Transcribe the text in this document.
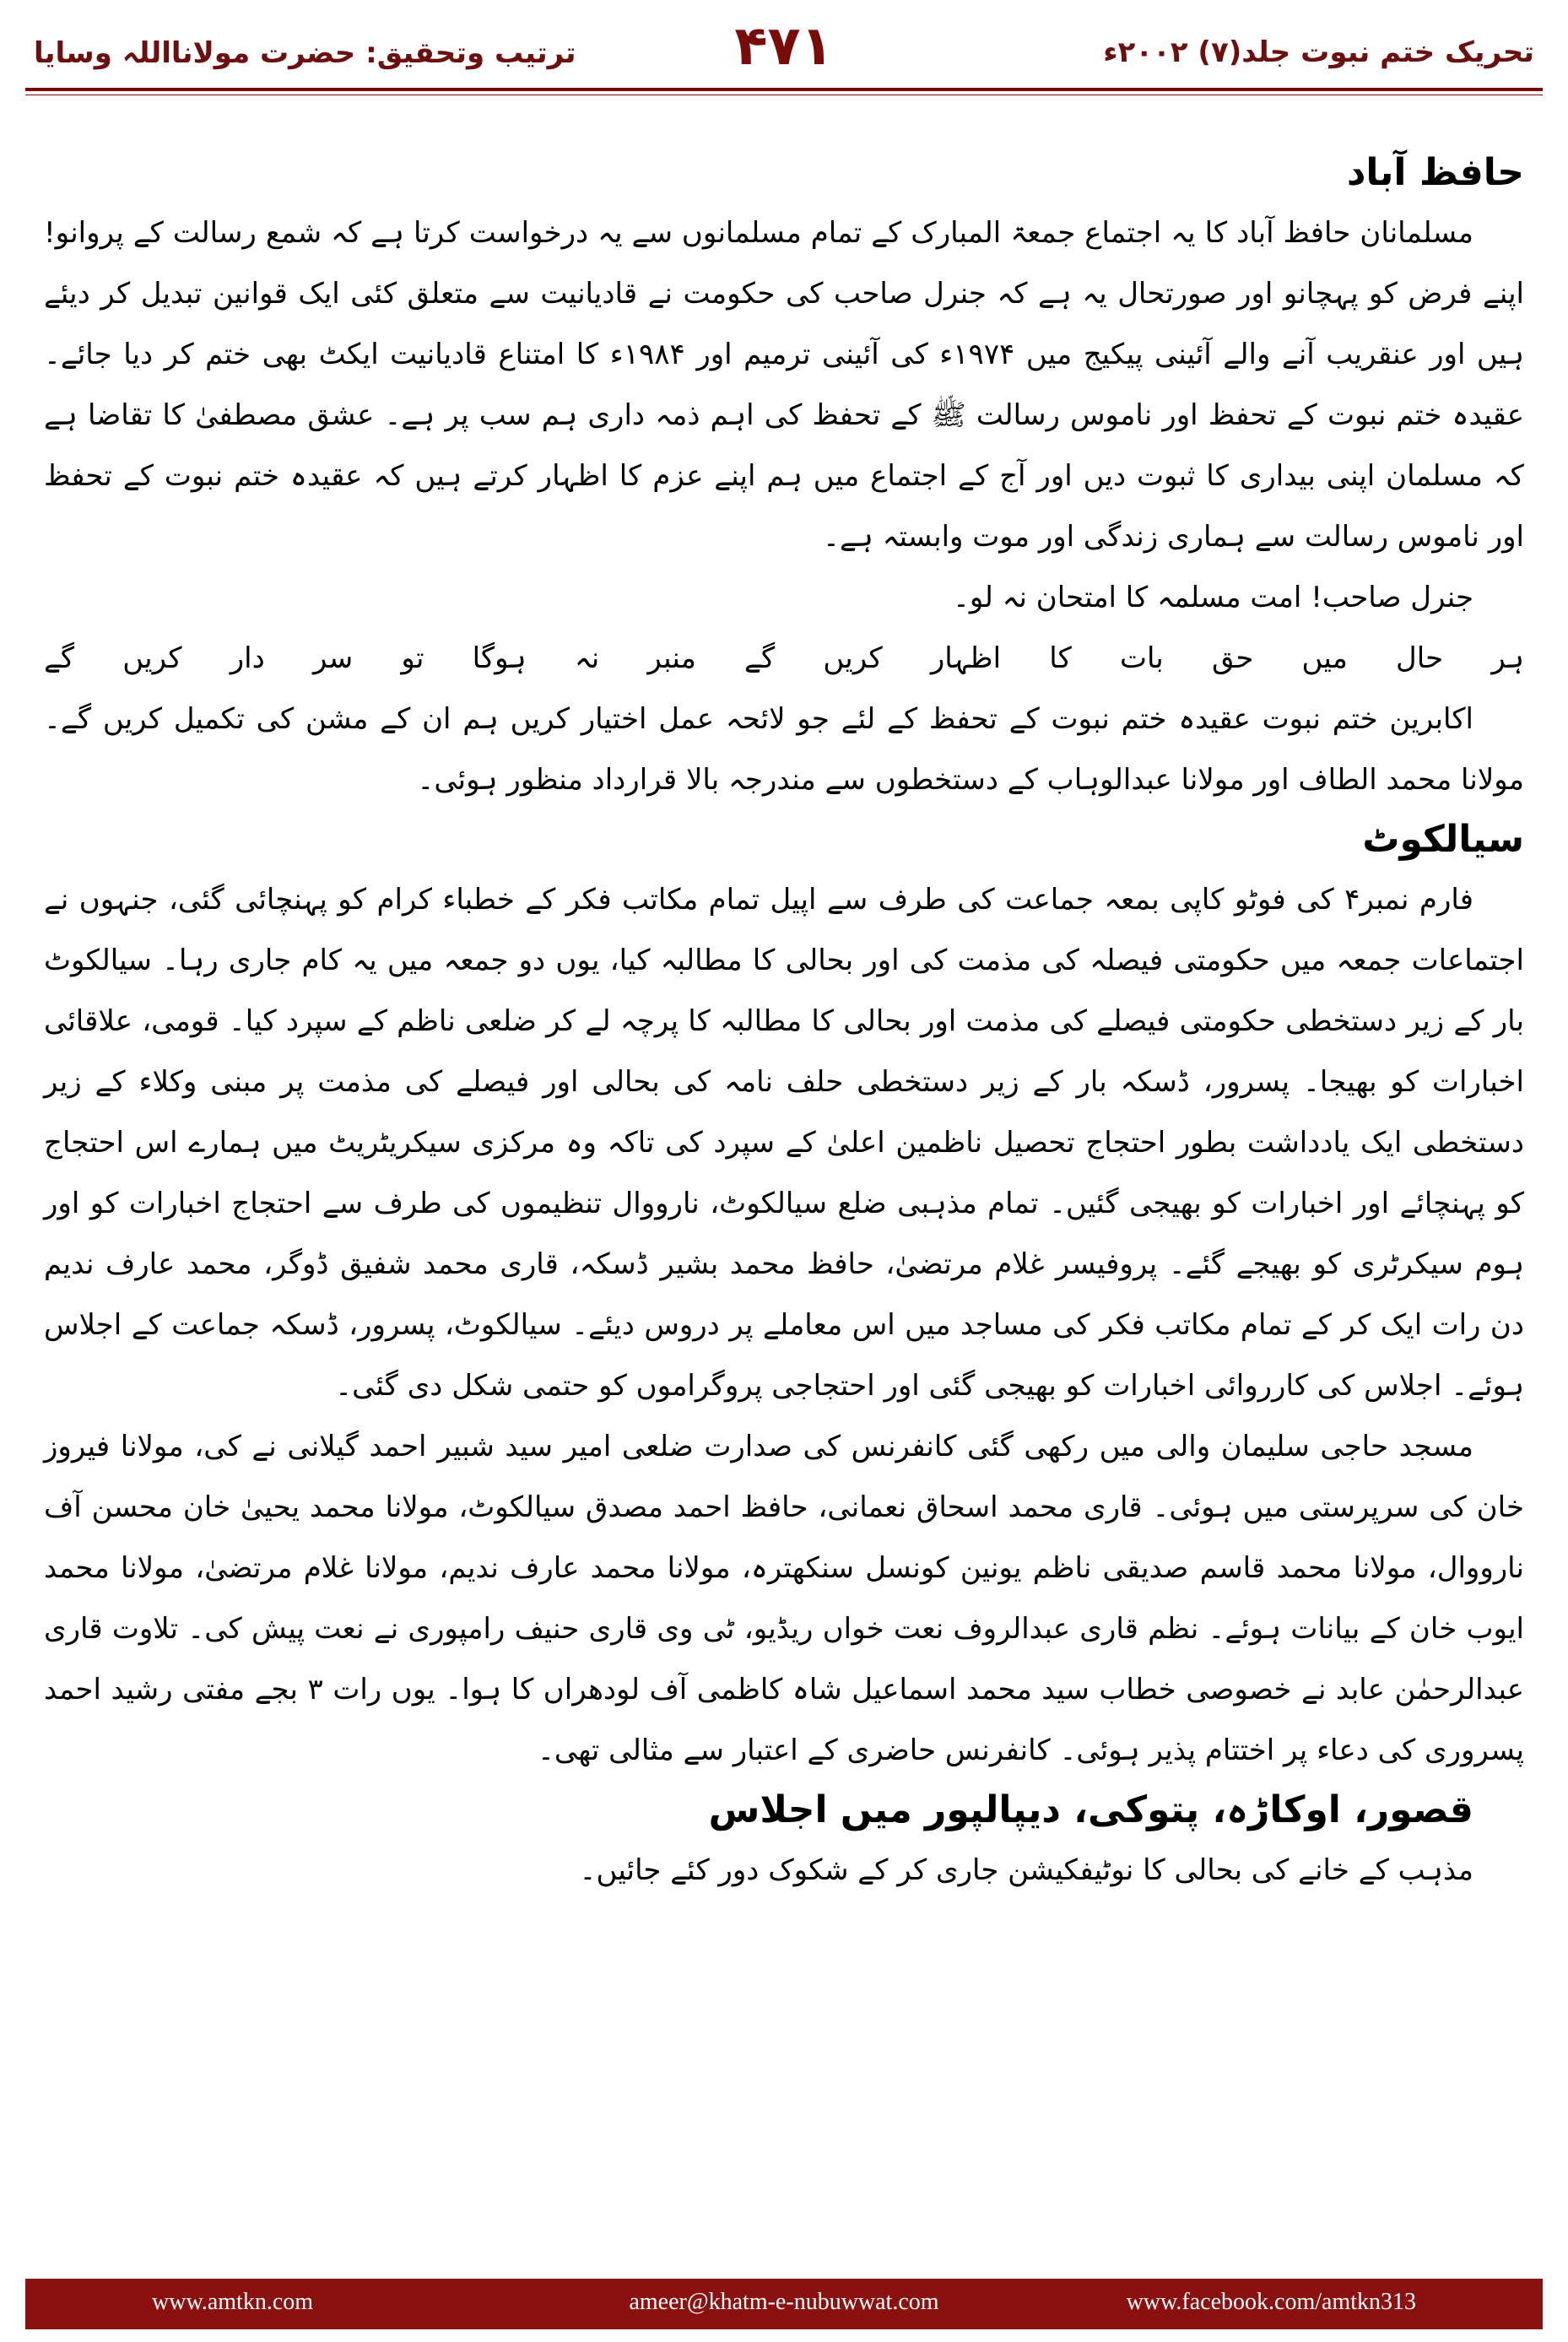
تحریک ختم نبوت جلد(۷) ۲۰۰۲ء
۴۷۱
ترتیب وتحقیق: حضرت مولانااللہ وسایا
حافظ آباد

مسلمانان حافظ آباد کا یہ اجتماع جمعۃ المبارک کے تمام مسلمانوں سے یہ درخواست کرتا ہے کہ شمع رسالت کے پروانو! اپنے فرض کو پہچانو اور صورتحال یہ ہے کہ جنرل صاحب کی حکومت نے قادیانیت سے متعلق کئی ایک قوانین تبدیل کر دیئے ہیں اور عنقریب آنے والے آئینی پیکیج میں ۱۹۷۴ء کی آئینی ترمیم اور ۱۹۸۴ء کا امتناع قادیانیت ایکٹ بھی ختم کر دیا جائے۔ عقیدہ ختم نبوت کے تحفظ اور ناموس رسالت ﷺ کے تحفظ کی اہم ذمہ داری ہم سب پر ہے۔ عشق مصطفیٰ کا تقاضا ہے کہ مسلمان اپنی بیداری کا ثبوت دیں اور آج کے اجتماع میں ہم اپنے عزم کا اظہار کرتے ہیں کہ عقیدہ ختم نبوت کے تحفظ اور ناموس رسالت سے ہماری زندگی اور موت وابستہ ہے۔

جنرل صاحب! امت مسلمہ کا امتحان نہ لو۔

ہر حال میں حق بات کا اظہار کریں گے منبر نہ ہوگا تو سر دار کریں گے

اکابرین ختم نبوت عقیدہ ختم نبوت کے تحفظ کے لئے جو لائحہ عمل اختیار کریں ہم ان کے مشن کی تکمیل کریں گے۔ مولانا محمد الطاف اور مولانا عبدالوہاب کے دستخطوں سے مندرجہ بالا قرارداد منظور ہوئی۔

سیالکوٹ

فارم نمبر۴ کی فوٹو کاپی بمعہ جماعت کی طرف سے اپیل تمام مکاتب فکر کے خطباء کرام کو پہنچائی گئی، جنہوں نے اجتماعات جمعہ میں حکومتی فیصلہ کی مذمت کی اور بحالی کا مطالبہ کیا، یوں دو جمعہ میں یہ کام جاری رہا۔ سیالکوٹ بار کے زیر دستخطی حکومتی فیصلے کی مذمت اور بحالی کا مطالبہ کا پرچہ لے کر ضلعی ناظم کے سپرد کیا۔ قومی، علاقائی اخبارات کو بھیجا۔ پسرور، ڈسکہ بار کے زیر دستخطی حلف نامہ کی بحالی اور فیصلے کی مذمت پر مبنی وکلاء کے زیر دستخطی ایک یادداشت بطور احتجاج تحصیل ناظمین اعلیٰ کے سپرد کی تاکہ وہ مرکزی سیکریٹریٹ میں ہمارے اس احتجاج کو پہنچائے اور اخبارات کو بھیجی گئیں۔ تمام مذہبی ضلع سیالکوٹ، نارووال تنظیموں کی طرف سے احتجاج اخبارات کو اور ہوم سیکرٹری کو بھیجے گئے۔ پروفیسر غلام مرتضیٰ، حافظ محمد بشیر ڈسکہ، قاری محمد شفیق ڈوگر، محمد عارف ندیم دن رات ایک کر کے تمام مکاتب فکر کی مساجد میں اس معاملے پر دروس دیئے۔ سیالکوٹ، پسرور، ڈسکہ جماعت کے اجلاس ہوئے۔ اجلاس کی کارروائی اخبارات کو بھیجی گئی اور احتجاجی پروگراموں کو حتمی شکل دی گئی۔

مسجد حاجی سلیمان والی میں رکھی گئی کانفرنس کی صدارت ضلعی امیر سید شبیر احمد گیلانی نے کی، مولانا فیروز خان کی سرپرستی میں ہوئی۔ قاری محمد اسحاق نعمانی، حافظ احمد مصدق سیالکوٹ، مولانا محمد یحییٰ خان محسن آف نارووال، مولانا محمد قاسم صدیقی ناظم یونین کونسل سنکھترہ، مولانا محمد عارف ندیم، مولانا غلام مرتضیٰ، مولانا محمد ایوب خان کے بیانات ہوئے۔ نظم قاری عبدالروف نعت خواں ریڈیو، ٹی وی قاری حنیف رامپوری نے نعت پیش کی۔ تلاوت قاری عبدالرحمٰن عابد نے خصوصی خطاب سید محمد اسماعیل شاہ کاظمی آف لودھراں کا ہوا۔ یوں رات ۳ بجے مفتی رشید احمد پسروری کی دعاء پر اختتام پذیر ہوئی۔ کانفرنس حاضری کے اعتبار سے مثالی تھی۔

قصور، اوکاڑہ، پتوکی، دیپالپور میں اجلاس

مذہب کے خانے کی بحالی کا نوٹیفکیشن جاری کر کے شکوک دور کئے جائیں۔

www.amtkn.com	ameer@khatm-e-nubuwwat.com	www.facebook.com/amtkn313
